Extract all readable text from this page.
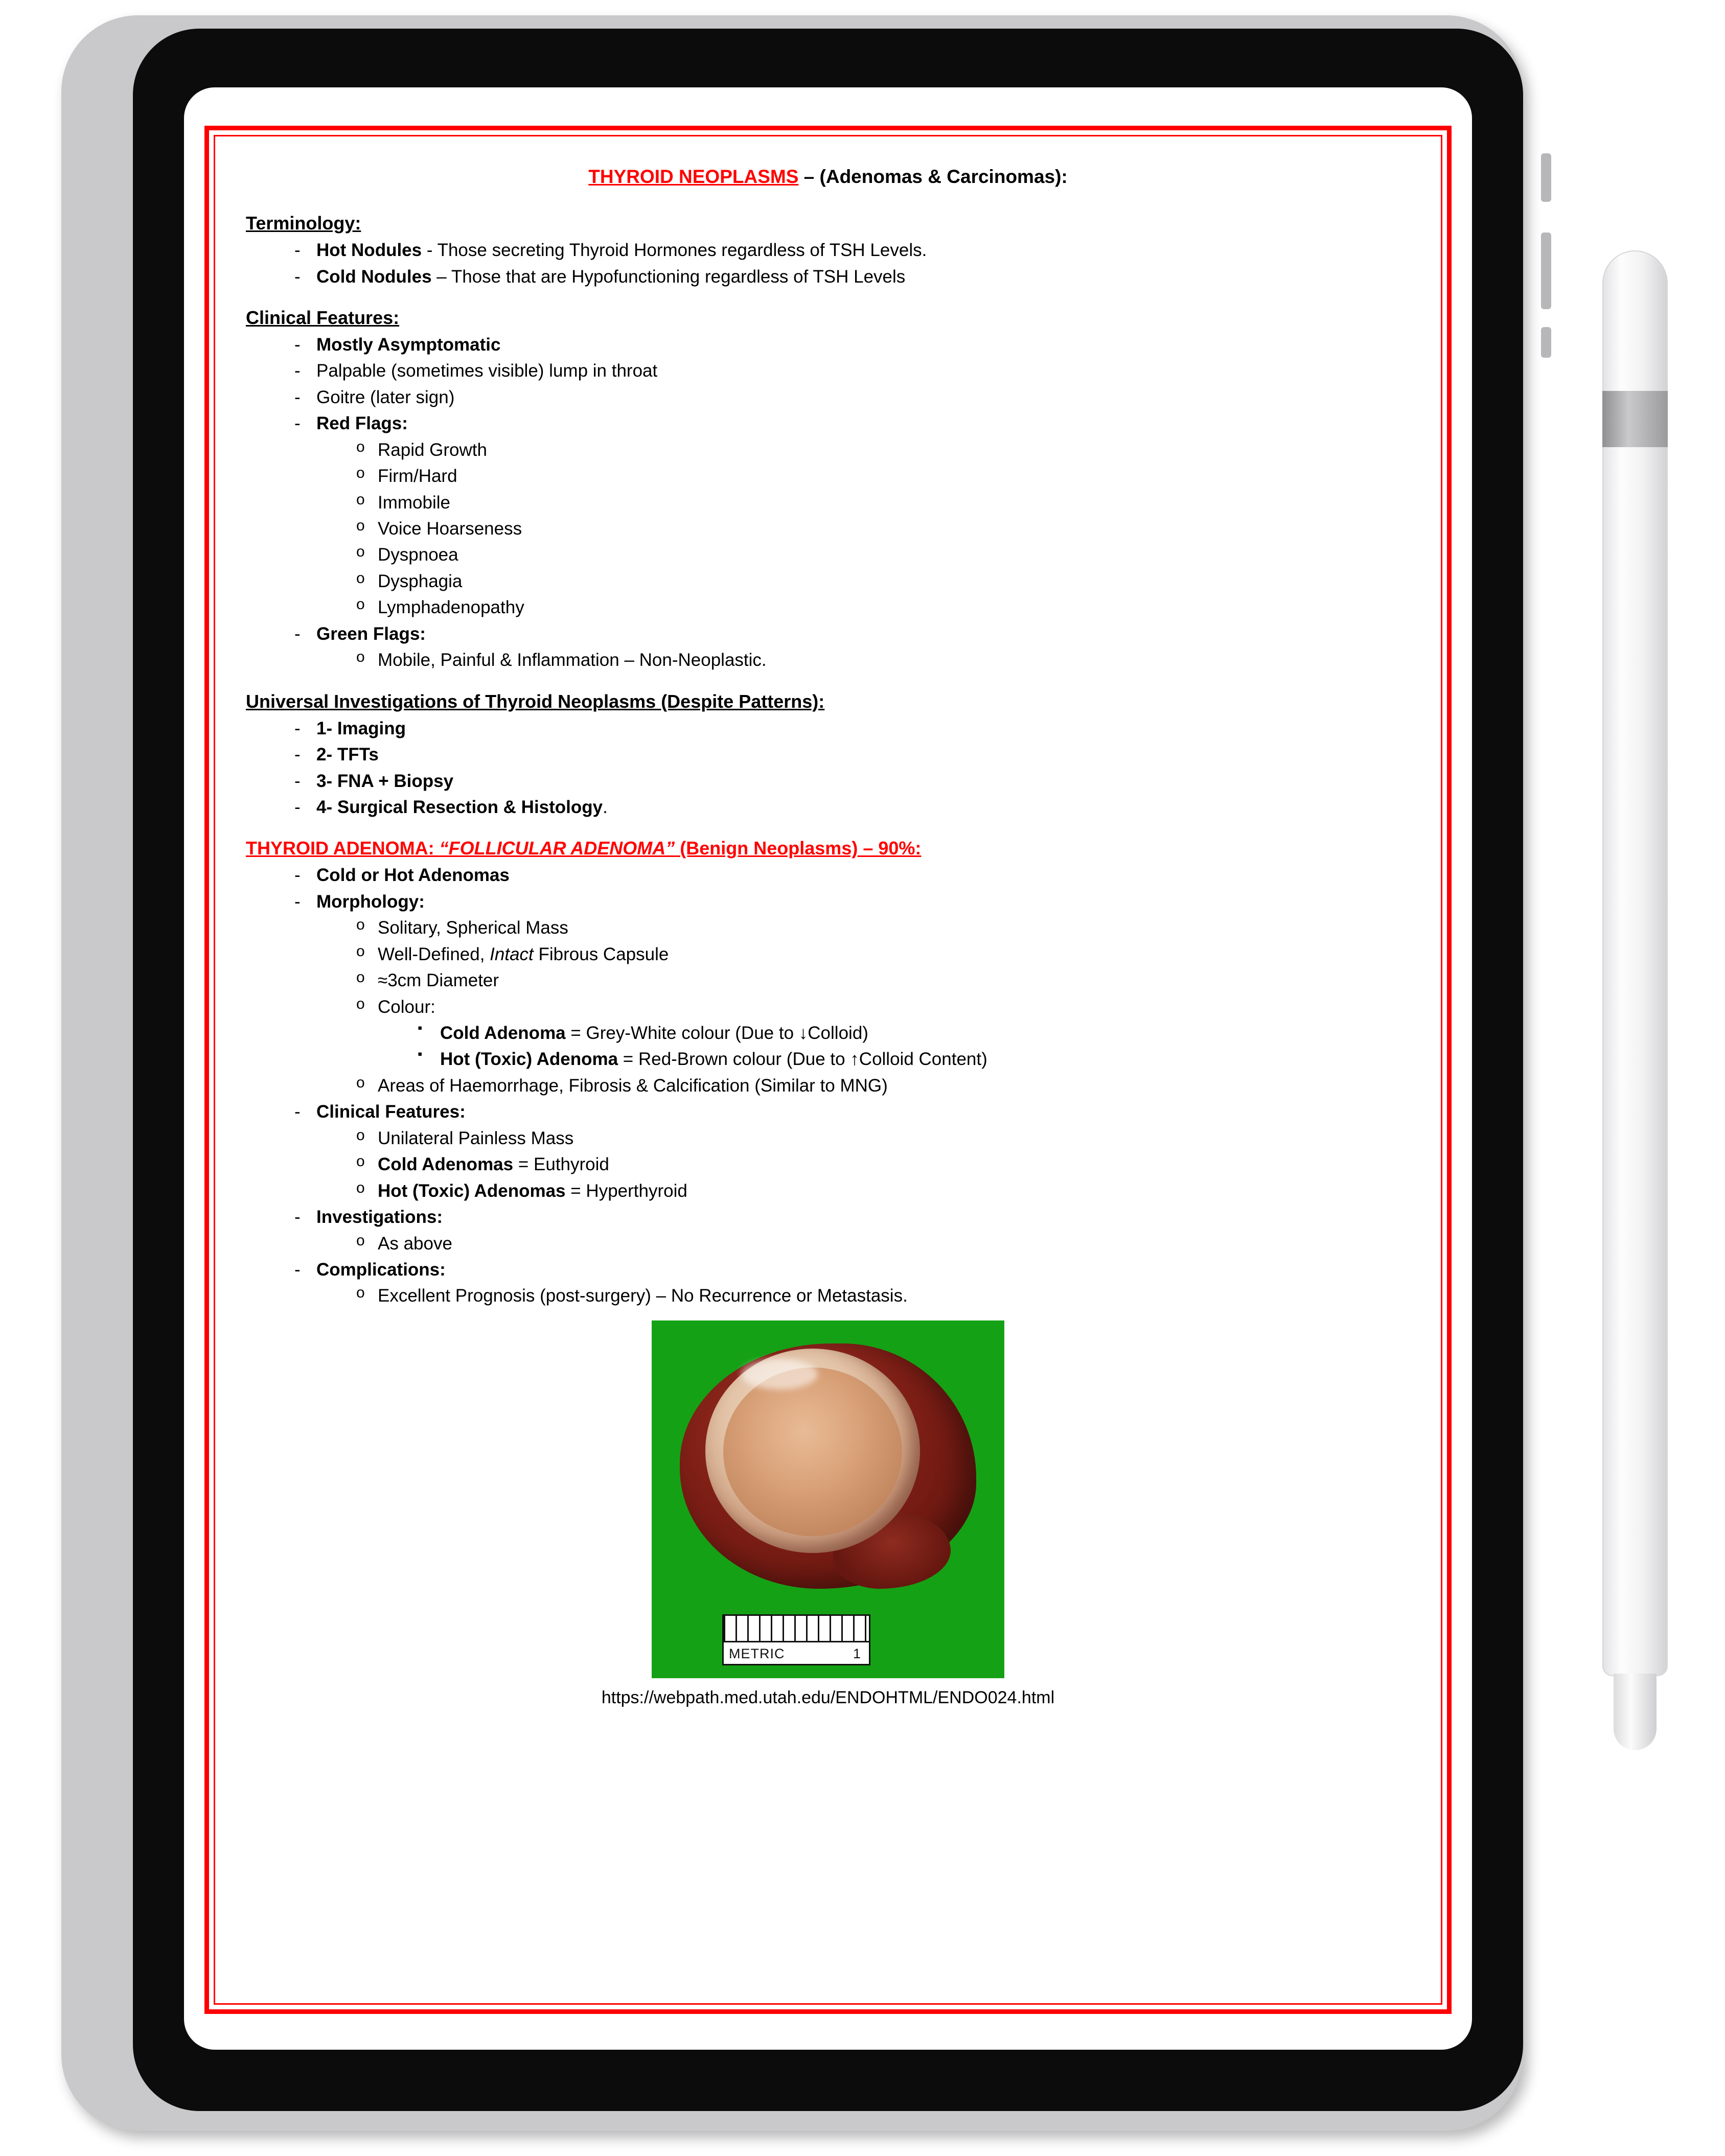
THYROID NEOPLASMS – (Adenomas & Carcinomas):
Terminology:
- Hot Nodules - Those secreting Thyroid Hormones regardless of TSH Levels.
- Cold Nodules – Those that are Hypofunctioning regardless of TSH Levels
Clinical Features:
- Mostly Asymptomatic
- Palpable (sometimes visible) lump in throat
- Goitre (later sign)
- Red Flags:
o Rapid Growth
o Firm/Hard
o Immobile
o Voice Hoarseness
o Dyspnoea
o Dysphagia
o Lymphadenopathy
- Green Flags:
o Mobile, Painful & Inflammation – Non-Neoplastic.
Universal Investigations of Thyroid Neoplasms (Despite Patterns):
- 1- Imaging
- 2- TFTs
- 3- FNA + Biopsy
- 4- Surgical Resection & Histology.
THYROID ADENOMA: “FOLLICULAR ADENOMA” (Benign Neoplasms) – 90%:
- Cold or Hot Adenomas
- Morphology:
o Solitary, Spherical Mass
o Well-Defined, Intact Fibrous Capsule
o ≈3cm Diameter
o Colour:
▪ Cold Adenoma = Grey-White colour (Due to ↓Colloid)
▪ Hot (Toxic) Adenoma = Red-Brown colour (Due to ↑Colloid Content)
o Areas of Haemorrhage, Fibrosis & Calcification (Similar to MNG)
- Clinical Features:
o Unilateral Painless Mass
o Cold Adenomas = Euthyroid
o Hot (Toxic) Adenomas = Hyperthyroid
- Investigations:
o As above
- Complications:
o Excellent Prognosis (post-surgery) – No Recurrence or Metastasis.
METRIC	1
https://webpath.med.utah.edu/ENDOHTML/ENDO024.html
